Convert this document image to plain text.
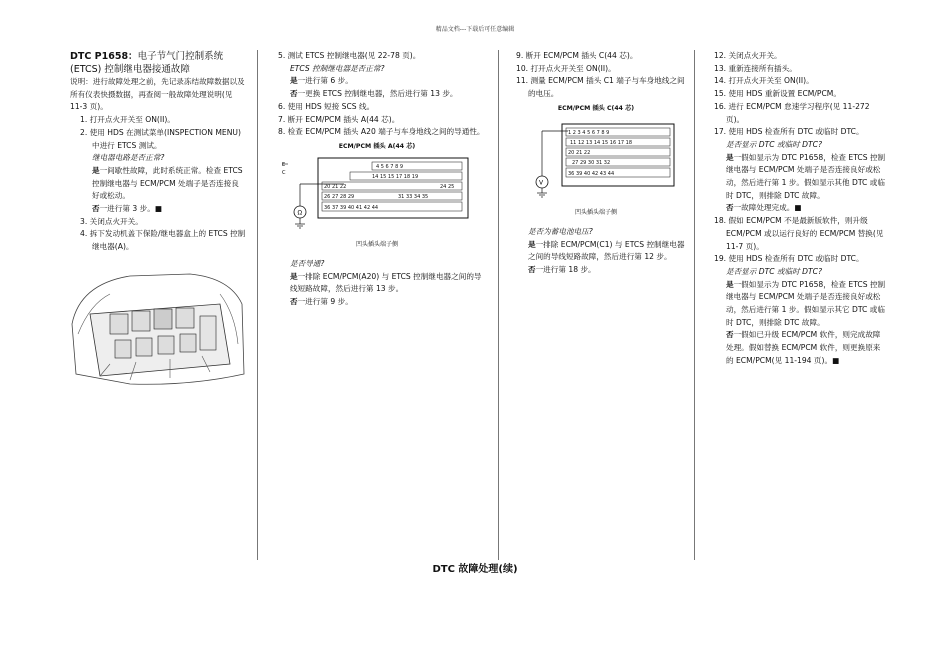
精品文档---下载后可任意编辑
DTC P1658：电子节气门控制系统
(ETCS) 控制继电器接通故障

说明：进行故障处理之前，先记录冻结故障数据以及所有仪表快摄数据，再查阅一般故障处理说明(见 11-3 页)。

1. 打开点火开关至 ON(II)。

2. 使用 HDS 在测试菜单(INSPECTION MENU)中进行 ETCS 测试。

继电器电路是否正常?

是一间歇性故障，此时系统正常。检查 ETCS 控制继电器与 ECM/PCM 处端子是否连接良好或松动。

否一进行第 3 步。■

3. 关闭点火开关。

4. 拆下发动机盖下保险/继电器盒上的 ETCS 控制继电器(A)。

5. 测试 ETCS 控制继电器(见 22-78 页)。

ETCS 控制继电器是否正常?

是一进行第 6 步。

否一更换 ETCS 控制继电器，然后进行第 13 步。

6. 使用 HDS 短接 SCS 线。

7. 断开 ECM/PCM 插头 A(44 芯)。

8. 检查 ECM/PCM 插头 A20 端子与车身地线之间的导通性。

ECM/PCM 插头 A(44 芯)
E
C
4 5 6 7 8 9
14 15 15 17 18 19
20 21 22	24 25
26 27 28 29	31 33 34 35
36 37 39 40 41 42 44
Ω
凹头插头端子侧

是否导通?

是一排除 ECM/PCM(A20) 与 ETCS 控制继电器之间的导线短路故障，然后进行第 13 步。

否一进行第 9 步。

9. 断开 ECM/PCM 插头 C(44 芯)。

10. 打开点火开关至 ON(II)。

11. 测量 ECM/PCM 插头 C1 端子与车身地线之间的电压。

ECM/PCM 插头 C(44 芯)
1 2 3 4 5 6 7 8 9
11 12 13 14 15 16 17 18
20 21 22
27 29 30 31 32
36 39 40 42 43 44
V
凹头插头端子侧

是否为蓄电池电压?

是一排除 ECM/PCM(C1) 与 ETCS 控制继电器之间的导线短路故障，然后进行第 12 步。

否一进行第 18 步。

12. 关闭点火开关。

13. 重新连接所有插头。

14. 打开点火开关至 ON(II)。

15. 使用 HDS 重新设置 ECM/PCM。

16. 进行 ECM/PCM 怠速学习程序(见 11-272 页)。

17. 使用 HDS 检查所有 DTC 或临时 DTC。

是否显示 DTC 或临时 DTC?

是一假如显示为 DTC P1658，检查 ETCS 控制继电器与 ECM/PCM 处端子是否连接良好或松动，然后进行第 1 步。假如显示其他 DTC 或临时 DTC，则排除 DTC 故障。

否一故障处理完成。■

18. 假如 ECM/PCM 不是最新版软件，则升级 ECM/PCM 或以运行良好的 ECM/PCM 替换(见 11-7 页)。

19. 使用 HDS 检查所有 DTC 或临时 DTC。

是否显示 DTC 或临时 DTC?

是一假如显示为 DTC P1658，检查 ETCS 控制继电器与 ECM/PCM 处端子是否连接良好或松动，然后进行第 1 步。假如显示其它 DTC 或临时 DTC，则排除 DTC 故障。

否一假如已升级 ECM/PCM 软件，则完成故障处理。假如替换 ECM/PCM 软件，则更换原来的 ECM/PCM(见 11-194 页)。■

DTC 故障处理(续)
